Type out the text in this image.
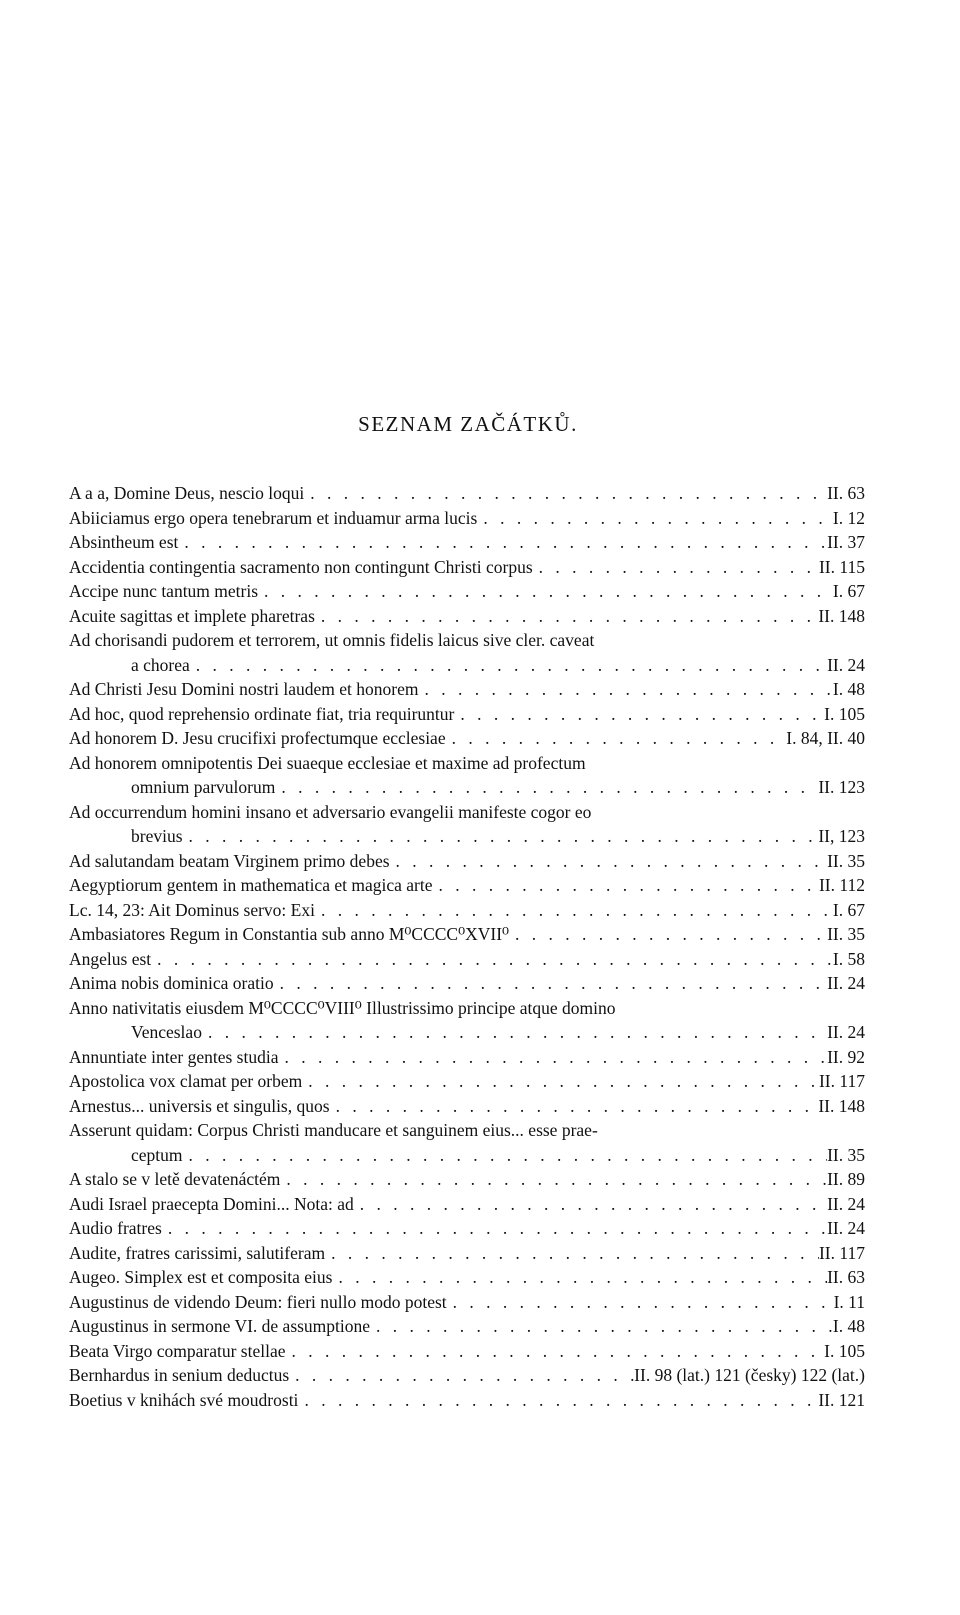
SEZNAM ZAČÁTKŮ.
A a a, Domine Deus, nescio loqui . . .	II. 63
Abiiciamus ergo opera tenebrarum et induamur arma lucis . . .	I. 12
Absintheum est . . .	II. 37
Accidentia contingentia sacramento non contingunt Christi corpus . . .	II. 115
Accipe nunc tantum metris . . .	I. 67
Acuite sagittas et implete pharetras . . .	II. 148
Ad chorisandi pudorem et terrorem, ut omnis fidelis laicus sive cler. caveat
a chorea . . .	II. 24
Ad Christi Jesu Domini nostri laudem et honorem . . .	I. 48
Ad hoc, quod reprehensio ordinate fiat, tria requiruntur . . .	I. 105
Ad honorem D. Jesu crucifixi profectumque ecclesiae . . .	I. 84, II. 40
Ad honorem omnipotentis Dei suaeque ecclesiae et maxime ad profectum
omnium parvulorum . . .	II. 123
Ad occurrendum homini insano et adversario evangelii manifeste cogor eo
brevius . . .	II, 123
Ad salutandam beatam Virginem primo debes . . .	II. 35
Aegyptiorum gentem in mathematica et magica arte . . .	II. 112
Lc. 14, 23: Ait Dominus servo: Exi . . .	I. 67
Ambasiatores Regum in Constantia sub anno M⁰CCCC⁰XVII⁰ . . .	II. 35
Angelus est . . .	I. 58
Anima nobis dominica oratio . . .	II. 24
Anno nativitatis eiusdem M⁰CCCC⁰VIII⁰ Illustrissimo principe atque domino
Venceslao . . .	II. 24
Annuntiate inter gentes studia . . .	II. 92
Apostolica vox clamat per orbem . . .	II. 117
Arnestus... universis et singulis, quos . . .	II. 148
Asserunt quidam: Corpus Christi manducare et sanguinem eius... esse prae-
ceptum . . .	II. 35
A stalo se v letě devatenáctém . . .	II. 89
Audi Israel praecepta Domini... Nota: ad . . .	II. 24
Audio fratres . . .	II. 24
Audite, fratres carissimi, salutiferam . . .	II. 117
Augeo. Simplex est et composita eius . . .	II. 63
Augustinus de videndo Deum: fieri nullo modo potest . . .	I. 11
Augustinus in sermone VI. de assumptione . . .	I. 48
Beata Virgo comparatur stellae . . .	I. 105
Bernhardus in senium deductus . . .	II. 98 (lat.) 121 (česky) 122 (lat.)
Boetius v knihách své moudrosti . . .	II. 121
